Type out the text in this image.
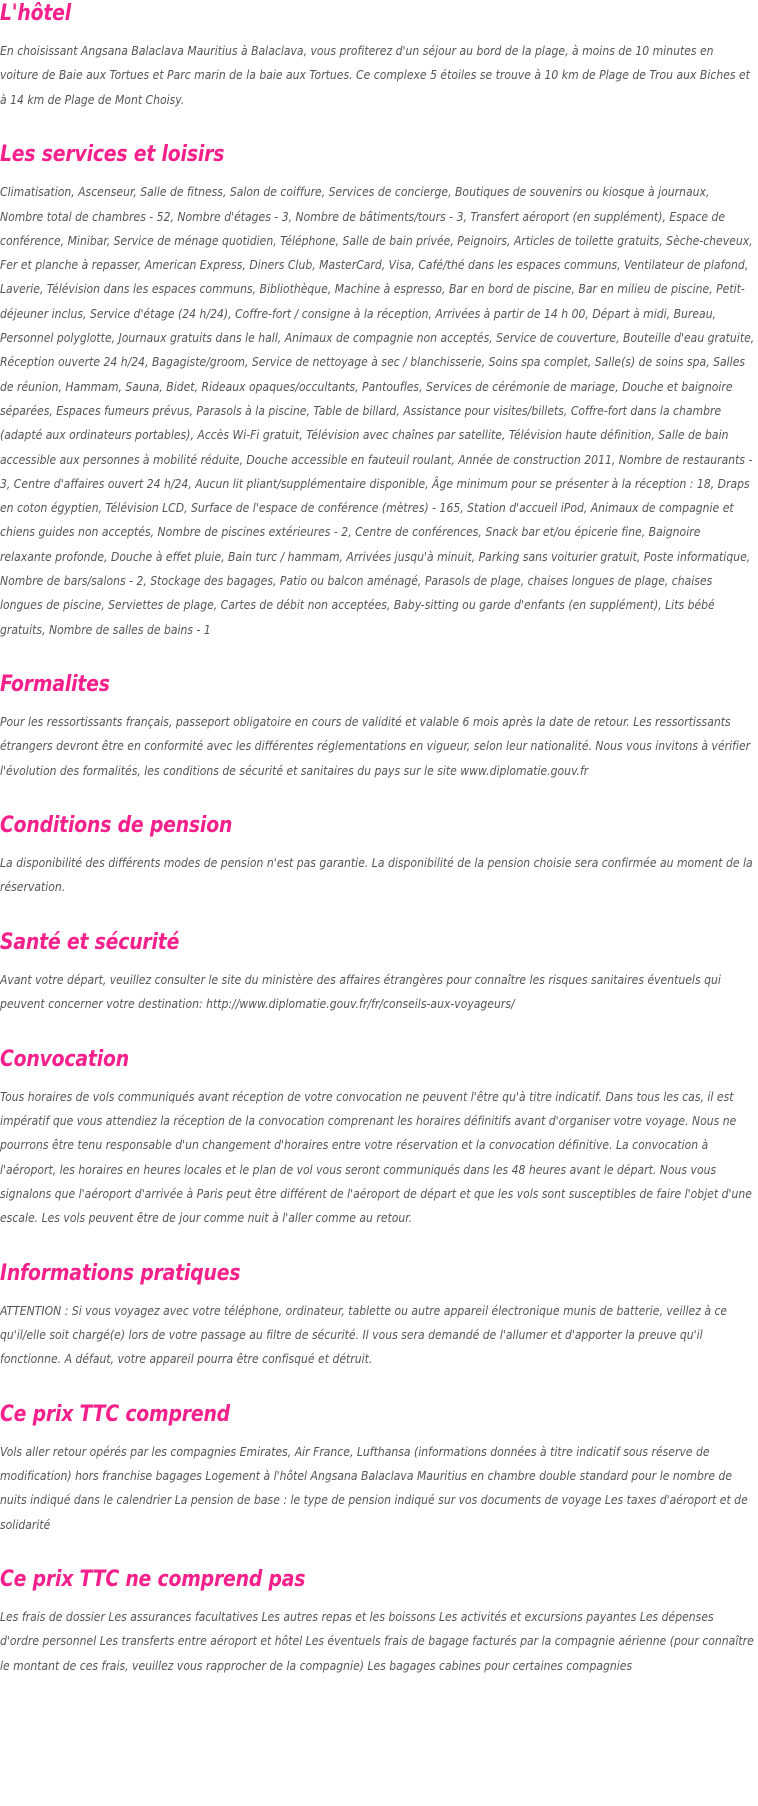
L'hôtel

En choisissant Angsana Balaclava Mauritius à Balaclava, vous profiterez d'un séjour au bord de la plage, à moins de 10 minutes en voiture de Baie aux Tortues et Parc marin de la baie aux Tortues. Ce complexe 5 étoiles se trouve à 10 km de Plage de Trou aux Biches et à 14 km de Plage de Mont Choisy.

Les services et loisirs

Climatisation, Ascenseur, Salle de fitness, Salon de coiffure, Services de concierge, Boutiques de souvenirs ou kiosque à journaux, Nombre total de chambres - 52, Nombre d'étages - 3, Nombre de bâtiments/tours - 3, Transfert aéroport (en supplément), Espace de conférence, Minibar, Service de ménage quotidien, Téléphone, Salle de bain privée, Peignoirs, Articles de toilette gratuits, Sèche-cheveux, Fer et planche à repasser, American Express, Diners Club, MasterCard, Visa, Café/thé dans les espaces communs, Ventilateur de plafond, Laverie, Télévision dans les espaces communs, Bibliothèque, Machine à espresso, Bar en bord de piscine, Bar en milieu de piscine, Petit-déjeuner inclus, Service d'étage (24 h/24), Coffre-fort / consigne à la réception, Arrivées à partir de 14 h 00, Départ à midi, Bureau, Personnel polyglotte, Journaux gratuits dans le hall, Animaux de compagnie non acceptés, Service de couverture, Bouteille d'eau gratuite, Réception ouverte 24 h/24, Bagagiste/groom, Service de nettoyage à sec / blanchisserie, Soins spa complet, Salle(s) de soins spa, Salles de réunion, Hammam, Sauna, Bidet, Rideaux opaques/occultants, Pantoufles, Services de cérémonie de mariage, Douche et baignoire séparées, Espaces fumeurs prévus, Parasols à la piscine, Table de billard, Assistance pour visites/billets, Coffre-fort dans la chambre (adapté aux ordinateurs portables), Accès Wi-Fi gratuit, Télévision avec chaînes par satellite, Télévision haute définition, Salle de bain accessible aux personnes à mobilité réduite, Douche accessible en fauteuil roulant, Année de construction 2011, Nombre de restaurants - 3, Centre d'affaires ouvert 24 h/24, Aucun lit pliant/supplémentaire disponible, Âge minimum pour se présenter à la réception : 18, Draps en coton égyptien, Télévision LCD, Surface de l'espace de conférence (mètres) - 165, Station d'accueil iPod, Animaux de compagnie et chiens guides non acceptés, Nombre de piscines extérieures - 2, Centre de conférences, Snack bar et/ou épicerie fine, Baignoire relaxante profonde, Douche à effet pluie, Bain turc / hammam, Arrivées jusqu'à minuit, Parking sans voiturier gratuit, Poste informatique, Nombre de bars/salons - 2, Stockage des bagages, Patio ou balcon aménagé, Parasols de plage, chaises longues de plage, chaises longues de piscine, Serviettes de plage, Cartes de débit non acceptées, Baby-sitting ou garde d'enfants (en supplément), Lits bébé gratuits, Nombre de salles de bains - 1

Formalites

Pour les ressortissants français, passeport obligatoire en cours de validité et valable 6 mois après la date de retour. Les ressortissants étrangers devront être en conformité avec les différentes réglementations en vigueur, selon leur nationalité. Nous vous invitons à vérifier l'évolution des formalités, les conditions de sécurité et sanitaires du pays sur le site www.diplomatie.gouv.fr

Conditions de pension

La disponibilité des différents modes de pension n'est pas garantie. La disponibilité de la pension choisie sera confirmée au moment de la réservation.

Santé et sécurité

Avant votre départ, veuillez consulter le site du ministère des affaires étrangères pour connaître les risques sanitaires éventuels qui peuvent concerner votre destination: http://www.diplomatie.gouv.fr/fr/conseils-aux-voyageurs/

Convocation

Tous horaires de vols communiqués avant réception de votre convocation ne peuvent l'être qu'à titre indicatif. Dans tous les cas, il est impératif que vous attendiez la réception de la convocation comprenant les horaires définitifs avant d'organiser votre voyage. Nous ne pourrons être tenu responsable d'un changement d'horaires entre votre réservation et la convocation définitive. La convocation à l'aéroport, les horaires en heures locales et le plan de vol vous seront communiqués dans les 48 heures avant le départ. Nous vous signalons que l'aéroport d'arrivée à Paris peut être différent de l'aéroport de départ et que les vols sont susceptibles de faire l'objet d'une escale. Les vols peuvent être de jour comme nuit à l'aller comme au retour.

Informations pratiques

ATTENTION : Si vous voyagez avec votre téléphone, ordinateur, tablette ou autre appareil électronique munis de batterie, veillez à ce qu'il/elle soit chargé(e) lors de votre passage au filtre de sécurité. Il vous sera demandé de l'allumer et d'apporter la preuve qu'il fonctionne. A défaut, votre appareil pourra être confisqué et détruit.

Ce prix TTC comprend

Vols aller retour opérés par les compagnies Emirates, Air France, Lufthansa (informations données à titre indicatif sous réserve de modification) hors franchise bagages Logement à l'hôtel Angsana Balaclava Mauritius en chambre double standard pour le nombre de nuits indiqué dans le calendrier La pension de base : le type de pension indiqué sur vos documents de voyage Les taxes d'aéroport et de solidarité

Ce prix TTC ne comprend pas

Les frais de dossier Les assurances facultatives Les autres repas et les boissons Les activités et excursions payantes Les dépenses d'ordre personnel Les transferts entre aéroport et hôtel Les éventuels frais de bagage facturés par la compagnie aérienne (pour connaître le montant de ces frais, veuillez vous rapprocher de la compagnie) Les bagages cabines pour certaines compagnies
